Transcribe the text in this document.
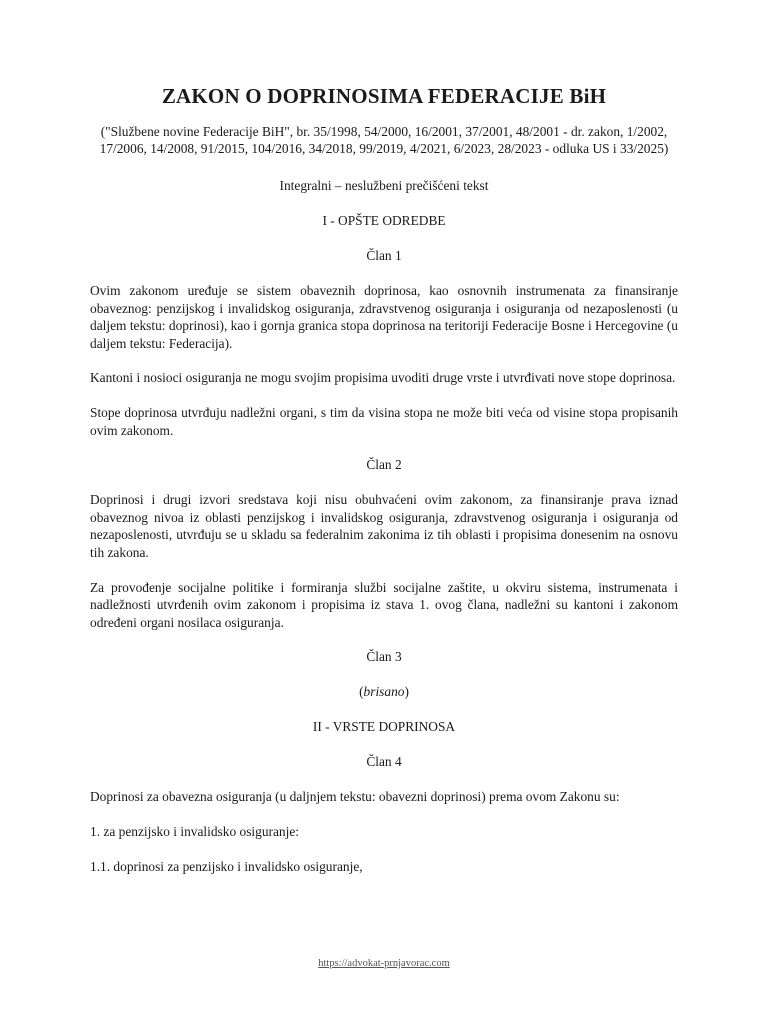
ZAKON O DOPRINOSIMA FEDERACIJE BiH

("Službene novine Federacije BiH", br. 35/1998, 54/2000, 16/2001, 37/2001, 48/2001 - dr. zakon, 1/2002, 17/2006, 14/2008, 91/2015, 104/2016, 34/2018, 99/2019, 4/2021, 6/2023, 28/2023 - odluka US i 33/2025)

Integralni – neslužbeni prečišćeni tekst

I - OPŠTE ODREDBE

Član 1

Ovim zakonom uređuje se sistem obaveznih doprinosa, kao osnovnih instrumenata za finansiranje obaveznog: penzijskog i invalidskog osiguranja, zdravstvenog osiguranja i osiguranja od nezaposlenosti (u daljem tekstu: doprinosi), kao i gornja granica stopa doprinosa na teritoriji Federacije Bosne i Hercegovine (u daljem tekstu: Federacija).

Kantoni i nosioci osiguranja ne mogu svojim propisima uvoditi druge vrste i utvrđivati nove stope doprinosa.

Stope doprinosa utvrđuju nadležni organi, s tim da visina stopa ne može biti veća od visine stopa propisanih ovim zakonom.

Član 2

Doprinosi i drugi izvori sredstava koji nisu obuhvaćeni ovim zakonom, za finansiranje prava iznad obaveznog nivoa iz oblasti penzijskog i invalidskog osiguranja, zdravstvenog osiguranja i osiguranja od nezaposlenosti, utvrđuju se u skladu sa federalnim zakonima iz tih oblasti i propisima donesenim na osnovu tih zakona.

Za provođenje socijalne politike i formiranja službi socijalne zaštite, u okviru sistema, instrumenata i nadležnosti utvrđenih ovim zakonom i propisima iz stava 1. ovog člana, nadležni su kantoni i zakonom određeni organi nosilaca osiguranja.

Član 3

(brisano)

II - VRSTE DOPRINOSA

Član 4

Doprinosi za obavezna osiguranja (u daljnjem tekstu: obavezni doprinosi) prema ovom Zakonu su:

1. za penzijsko i invalidsko osiguranje:

1.1. doprinosi za penzijsko i invalidsko osiguranje,

https://advokat-prnjavorac.com
